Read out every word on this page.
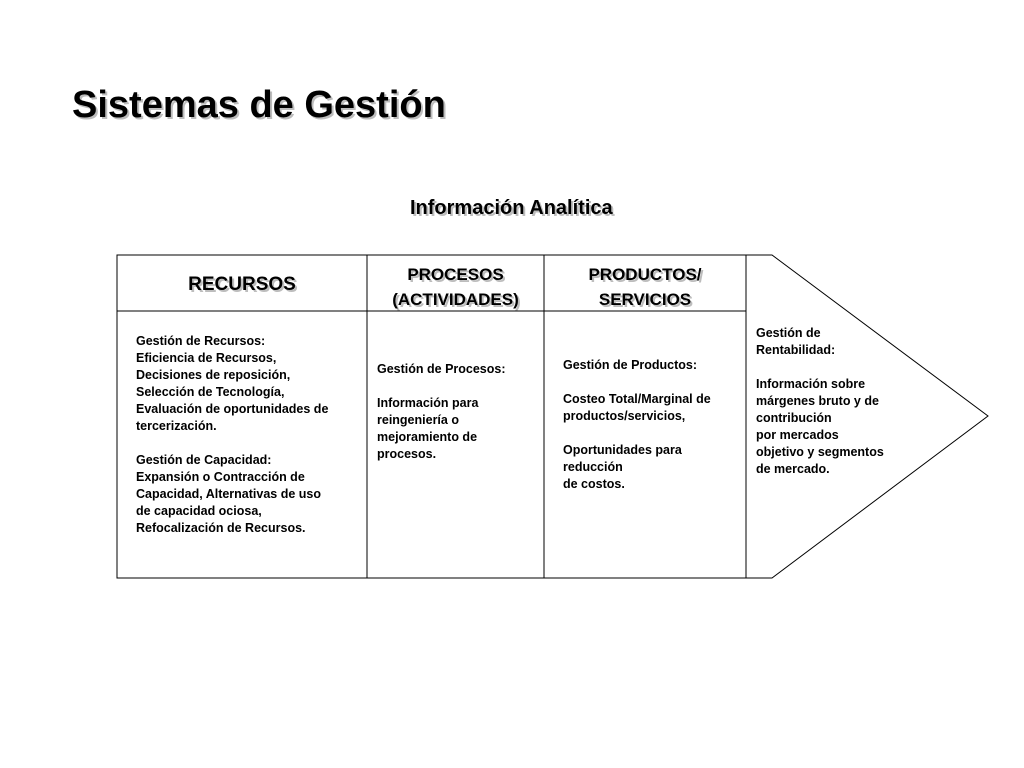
Sistemas de Gestión
Información Analítica
RECURSOS	PROCESOS
(ACTIVIDADES)
PRODUCTOS/
SERVICIOS
Gestión de Recursos:
Eficiencia de Recursos,
Decisiones de reposición,
Selección de Tecnología,
Evaluación de oportunidades de
tercerización.

Gestión de Capacidad:
Expansión o Contracción de
Capacidad, Alternativas de uso
de capacidad ociosa,
Refocalización de Recursos.
Gestión de Procesos:

Información para
reingeniería o
mejoramiento de
procesos.
Gestión de Productos:

Costeo Total/Marginal de
productos/servicios,

Oportunidades para
reducción
de costos.
Gestión de
Rentabilidad:

Información sobre
márgenes bruto y de
contribución
por mercados
objetivo y segmentos
de mercado.
